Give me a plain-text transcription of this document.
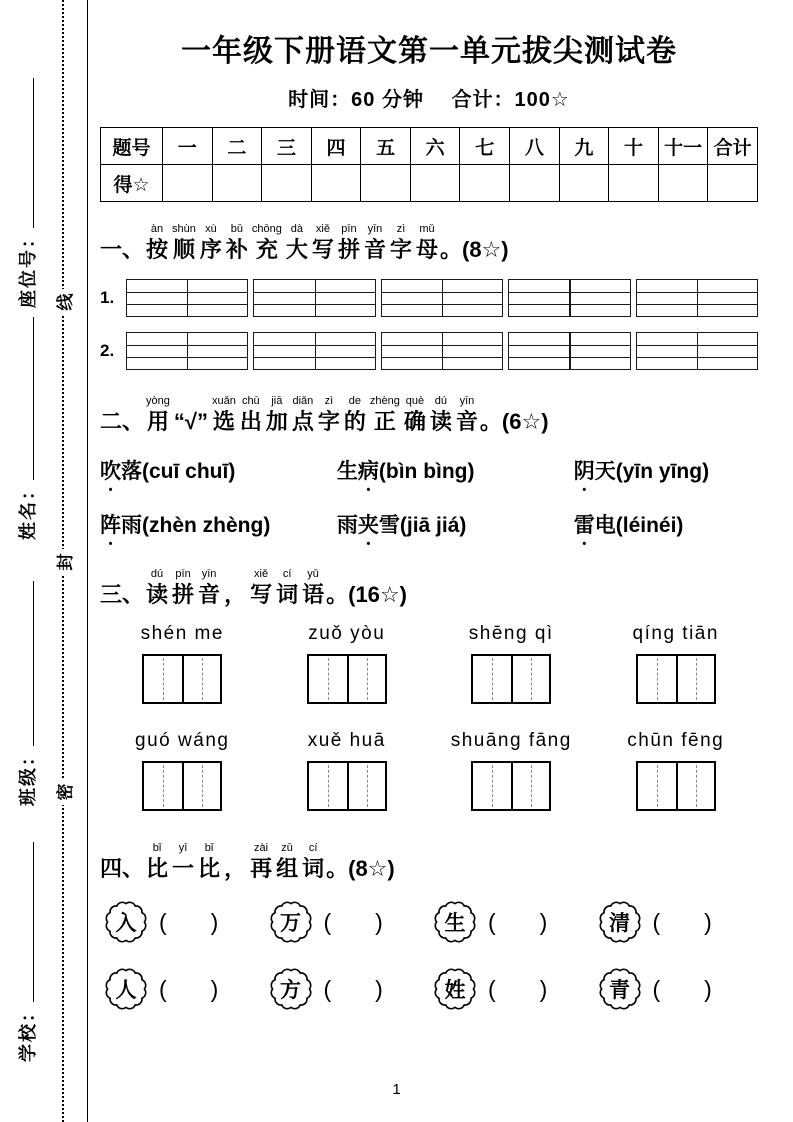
座位号：
姓名：
班级：
学校：
线
封
密
一年级下册语文第一单元拔尖测试卷
时间：60 分钟　 合计：100☆
题号	一	二	三	四	五	六	七	八	九	十	十一	合计
得☆												
一、
àn
按
shùn
顺
xù
序
bǔ
补
chōng
充
dà
大
xiě
写
pīn
拼
yīn
音
zì
字
mǔ
母 。(8☆)
1.
2.
二、
yòng
用 “√”
xuǎn
选
chū
出
jiā
加
diǎn
点
zì
字
de
的
zhèng
正
què
确
dú
读
yīn
音 。(6☆)
吹落(cuī chuī)	生病(bìn bìng)	阴天(yīn yīng)
阵雨(zhèn zhèng)	雨夹雪(jiā jiá)	雷电(léinéi)
三、
dú
读
pīn
拼
yīn
音 ，
xiě
写
cí
词
yǔ
语 。(16☆)
shén me	zuǒ yòu	shēng qì	qíng tiān
guó wáng	xuě huā	shuāng fāng	chūn fēng
四、
bǐ
比
yī
一
bǐ
比 ，
zài
再
zǔ
组
cí
词 。(8☆)
入 ( )	万 ( )	生 ( )	清 ( )
人 ( )	方 ( )	姓 ( )	青 ( )
1
